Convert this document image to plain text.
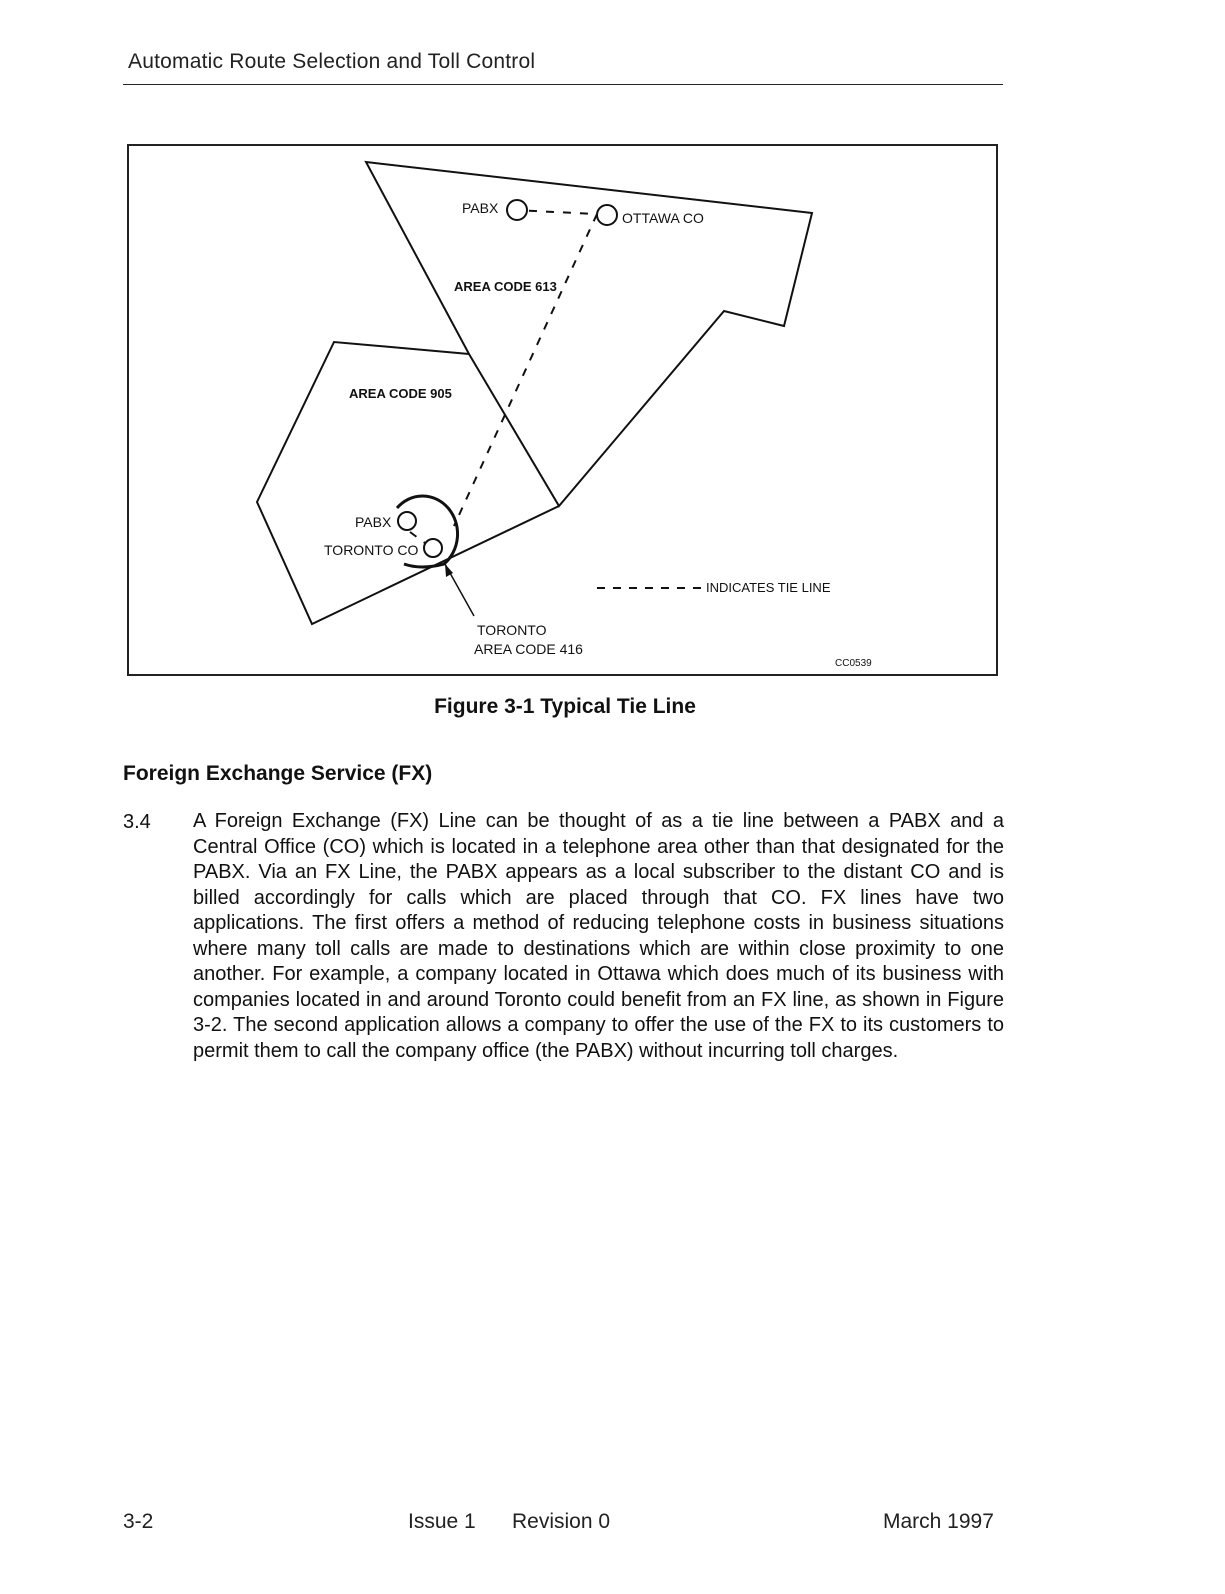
Automatic Route Selection and Toll Control
PABX
OTTAWA CO
AREA CODE 613
AREA CODE 905
PABX
TORONTO CO
INDICATES TIE LINE
TORONTO
AREA CODE 416
CC0539
Figure 3-1 Typical Tie Line
Foreign Exchange Service (FX)
3.4 A Foreign Exchange (FX) Line can be thought of as a tie line between a PABX and a Central Office (CO) which is located in a telephone area other than that designated for the PABX. Via an FX Line, the PABX appears as a local subscriber to the distant CO and is billed accordingly for calls which are placed through that CO. FX lines have two applications. The first offers a method of reducing telephone costs in business situations where many toll calls are made to destinations which are within close proximity to one another. For example, a company located in Ottawa which does much of its business with companies located in and around Toronto could benefit from an FX line, as shown in Figure 3-2. The second application allows a company to offer the use of the FX to its customers to permit them to call the company office (the PABX) without incurring toll charges.
3-2	Issue 1 Revision 0	March 1997
